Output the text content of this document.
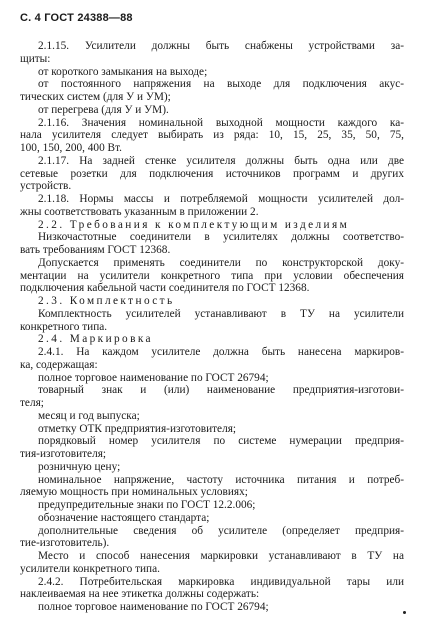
С. 4 ГОСТ 24388—88

2.1.15. Усилители должны быть снабжены устройствами за-

щиты:

от короткого замыкания на выходе;

от постоянного напряжения на выходе для подключения акус-

тических систем (для У и УМ);

от перегрева (для У и УМ).

2.1.16. Значения номинальной выходной мощности каждого ка-

нала усилителя следует выбирать из ряда: 10, 15, 25, 35, 50, 75,

100, 150, 200, 400 Вт.

2.1.17. На задней стенке усилителя должны быть одна или две

сетевые розетки для подключения источников программ и других

устройств.

2.1.18. Нормы массы и потребляемой мощности усилителей дол-

жны соответствовать указанным в приложении 2.

2.2. Требования к комплектующим изделиям

Низкочастотные соединители в усилителях должны соответство-

вать требованиям ГОСТ 12368.

Допускается применять соединители по конструкторской доку-

ментации на усилители конкретного типа при условии обеспечения

подключения кабельной части соединителя по ГОСТ 12368.

2.3. Комплектность

Комплектность усилителей устанавливают в ТУ на усилители

конкретного типа.

2.4. Маркировка

2.4.1. На каждом усилителе должна быть нанесена маркиров-

ка, содержащая:

полное торговое наименование по ГОСТ 26794;

товарный знак и (или) наименование предприятия-изготови-

теля;

месяц и год выпуска;

отметку ОТК предприятия-изготовителя;

порядковый номер усилителя по системе нумерации предприя-

тия-изготовителя;

розничную цену;

номинальное напряжение, частоту источника питания и потреб-

ляемую мощность при номинальных условиях;

предупредительные знаки по ГОСТ 12.2.006;

обозначение настоящего стандарта;

дополнительные сведения об усилителе (определяет предприя-

тие-изготовитель).

Место и способ нанесения маркировки устанавливают в ТУ на

усилители конкретного типа.

2.4.2. Потребительская маркировка индивидуальной тары или

наклеиваемая на нее этикетка должны содержать:

полное торговое наименование по ГОСТ 26794;
